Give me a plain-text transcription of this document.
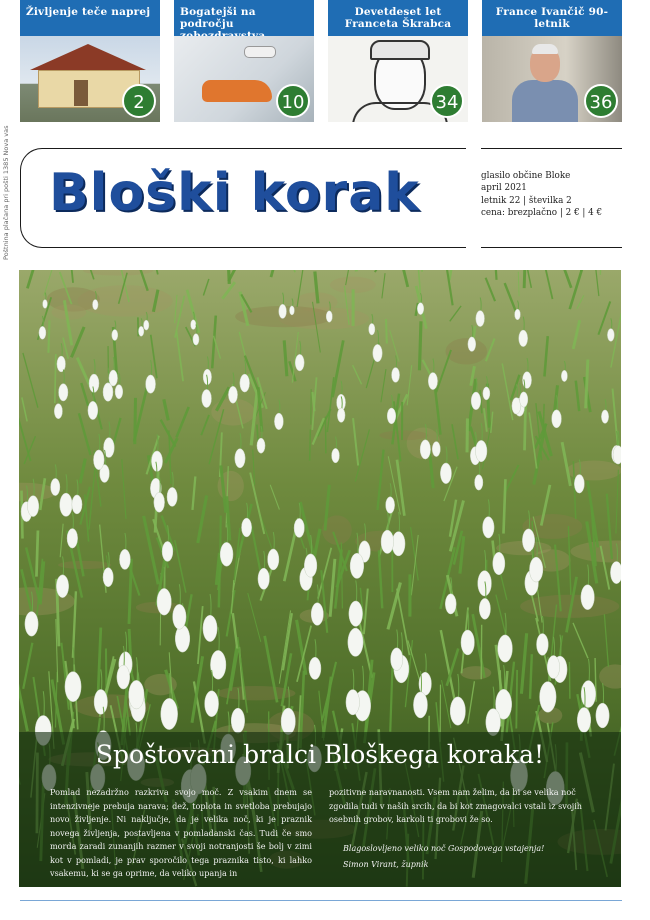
Življenje teče naprej
2
Bogatejši na področju
10
Devetdeset let Franceta Škrabca
34
France Ivančič 90-letnik
36
Poštnina plačana pri pošti 1385 Nova vas Bloški korak	glasilo občine Bloke
april 2021
letnik 22 | številka 2
cena: brezplačno | 2 € | 4 €
Spoštovani bralci Bloškega koraka!
Pomlad nezadržno razkriva svojo moč. Z vsakim dnem se intenzivneje prebuja narava; dež, toplota in svetloba prebujajo novo življenje. Ni naključje, da je velika noč, ki je praznik novega življenja, postavljena v pomladanski čas. Tudi če smo morda zaradi zunanjih razmer v svoji notranjosti še bolj v zimi kot v pomladi, je prav sporočilo tega praznika tisto, ki lahko vsakemu, ki se ga oprime, da veliko upanja in
pozitivne naravnanosti. Vsem nam želim, da bi se velika noč zgodila tudi v naših srcih, da bi kot zmagovalci vstali iz svojih osebnih grobov, karkoli ti grobovi že so.
Blagoslovljeno veliko noč Gospodovega vstajenja!
Simon Virant, župnik
